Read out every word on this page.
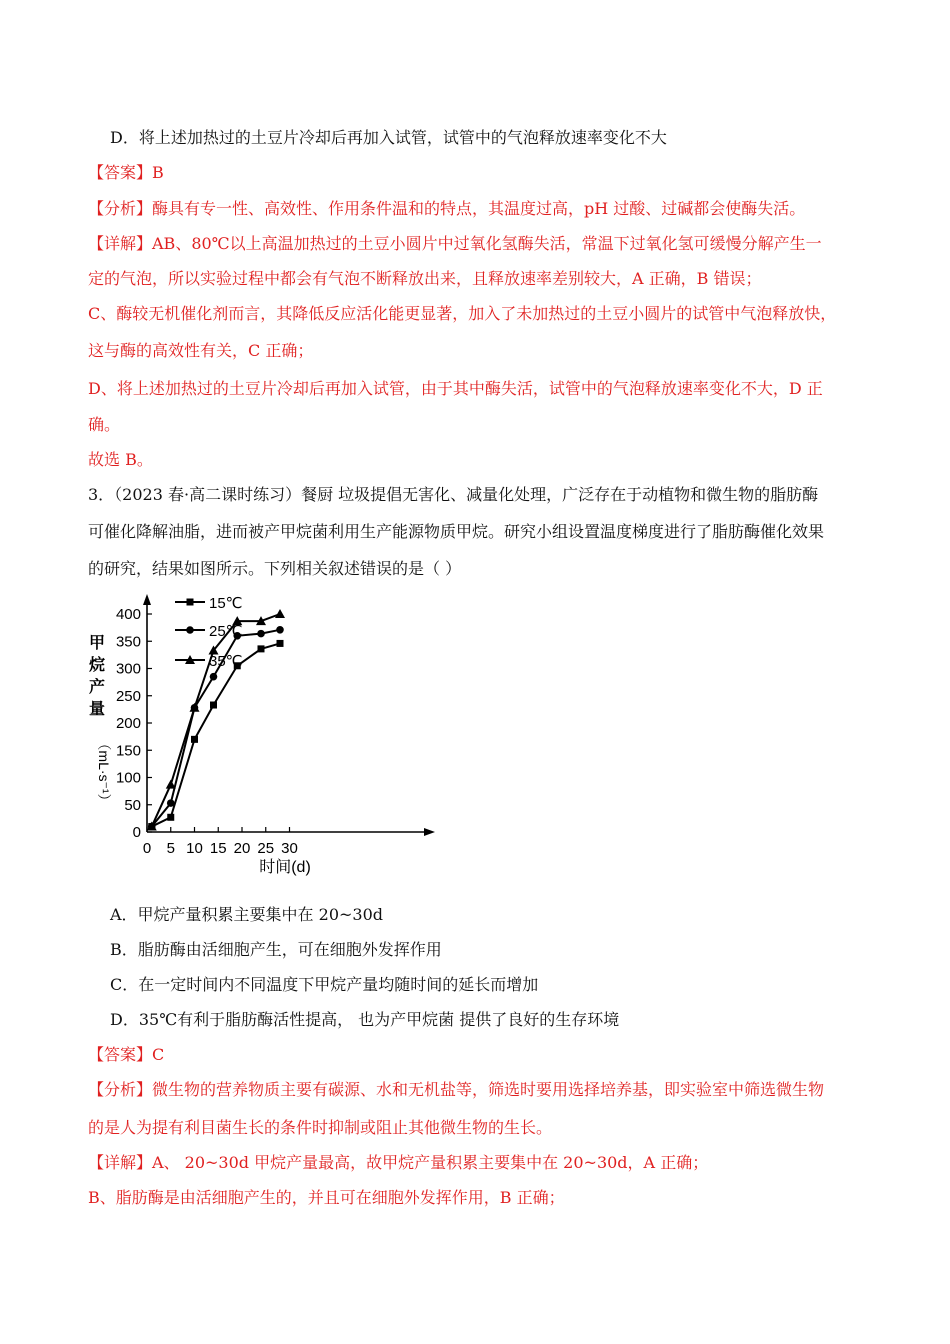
D．将上述加热过的土豆片冷却后再加入试管，试管中的气泡释放速率变化不大
【答案】B
【分析】酶具有专一性、高效性、作用条件温和的特点，其温度过高，pH 过酸、过碱都会使酶失活。
【详解】AB、80℃以上高温加热过的土豆小圆片中过氧化氢酶失活，常温下过氧化氢可缓慢分解产生一
定的气泡，所以实验过程中都会有气泡不断释放出来，且释放速率差别较大，A 正确，B 错误；
C、酶较无机催化剂而言，其降低反应活化能更显著，加入了未加热过的土豆小圆片的试管中气泡释放快，
这与酶的高效性有关，C 正确；
D、将上述加热过的土豆片冷却后再加入试管，由于其中酶失活，试管中的气泡释放速率变化不大，D 正
确。
故选 B。
3．（2023 春·高二课时练习）餐厨 垃圾提倡无害化、减量化处理，广泛存在于动植物和微生物的脂肪酶
可催化降解油脂，进而被产甲烷菌利用生产能源物质甲烷。研究小组设置温度梯度进行了脂肪酶催化效果
的研究，结果如图所示。下列相关叙述错误的是（ ）
A．甲烷产量积累主要集中在 20~30d
B．脂肪酶由活细胞产生，可在细胞外发挥作用
C．在一定时间内不同温度下甲烷产量均随时间的延长而增加
D．35℃有利于脂肪酶活性提高， 也为产甲烷菌 提供了良好的生存环境
【答案】C
【分析】微生物的营养物质主要有碳源、水和无机盐等，筛选时要用选择培养基，即实验室中筛选微生物
的是人为提有利目菌生长的条件时抑制或阻止其他微生物的生长。
【详解】A、 20~30d 甲烷产量最高，故甲烷产量积累主要集中在 20~30d，A 正确；
B、脂肪酶是由活细胞产生的，并且可在细胞外发挥作用，B 正确；
0
50
100
150
200
250
300
350
400
0 5 10 15 20 25 30
时间(d)
甲
烷
产
量
（mL·s⁻¹）
15℃
25℃
35℃
